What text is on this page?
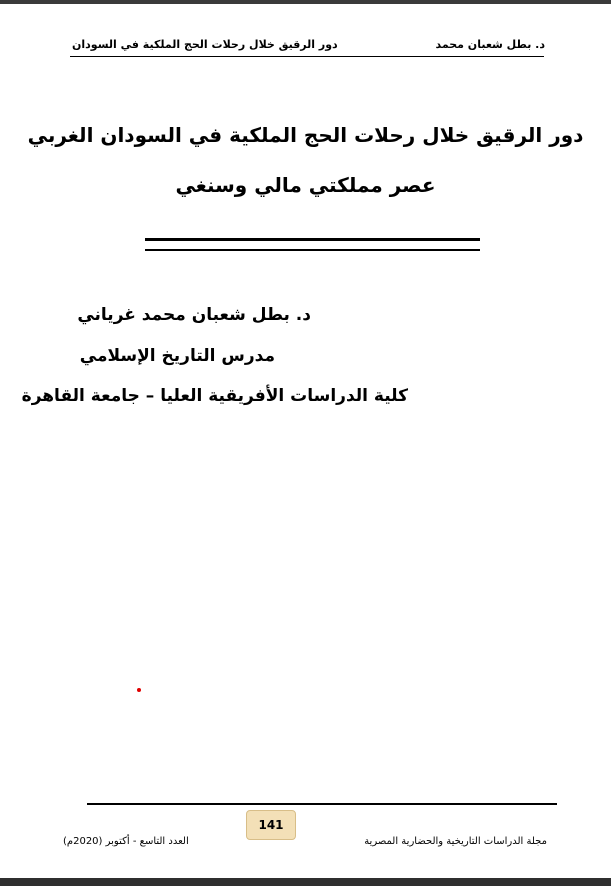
دور الرقيق خلال رحلات الحج الملكية في السودان	د. بطل شعبان محمد
دور الرقيق خلال رحلات الحج الملكية في السودان الغربي
عصر مملكتي مالي وسنغي
د. بطل شعبان محمد غرياني
مدرس التاريخ الإسلامي
كلية الدراسات الأفريقية العليا – جامعة القاهرة
141
العدد التاسع - أكتوبر (2020م)	مجلة الدراسات التاريخية والحضارية المصرية
